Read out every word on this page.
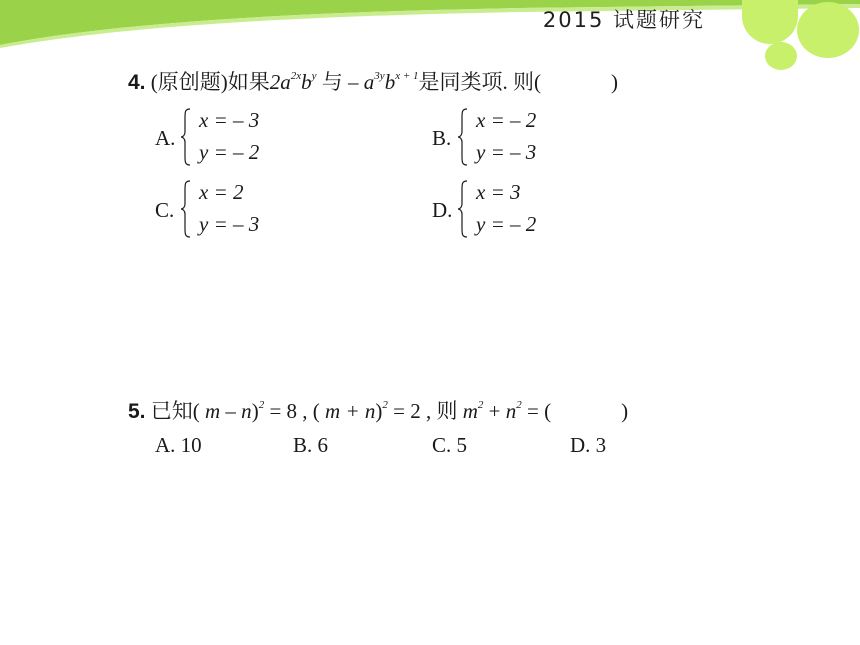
2015 试题研究
4. (原创题)如果$2a^{2x}b^y$ 与 – $a^{3y}b^{x + 1}$是同类项. 则(	)
A.
x = – 3
y = – 2
B.
x = – 2
y = – 3
C.
x = 2
y = – 3
D.
x = 3
y = – 2
5. 已知( m – n)$^2$ = 8 , ( m + n)$^2$ = 2 , 则 $m^2 + n^2$ = (	)
A. 10	B. 6	C. 5	D. 3
